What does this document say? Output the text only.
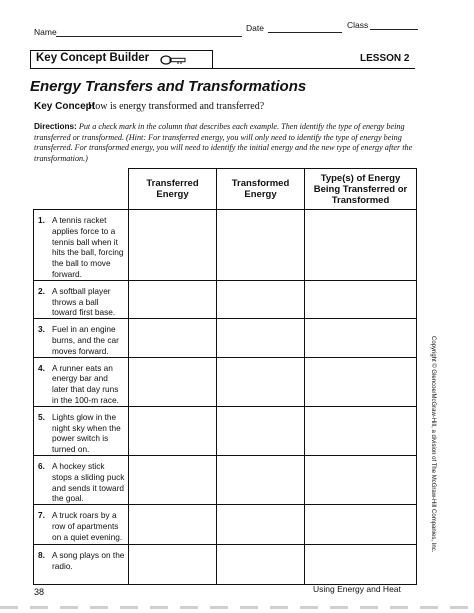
Name	Date	Class
Key Concept Builder	LESSON 2
Energy Transfers and Transformations
Key Concept
How is energy transformed and transferred?
Directions: Put a check mark in the column that describes each example. Then identify the type of energy being transferred or transformed. (Hint: For transferred energy, you will only need to identify the type of energy being transferred. For transformed energy, you will need to identify the initial energy and the new type of energy after the transformation.)
	Transferred Energy	Transformed Energy	Type(s) of Energy Being Transferred or Transformed

1. A tennis racket applies force to a tennis ball when it hits the ball, forcing the ball to move forward.			

2. A softball player throws a ball toward first base.			

3. Fuel in an engine burns, and the car moves forward.			

4. A runner eats an energy bar and later that day runs in the 100-m race.			

5. Lights glow in the night sky when the power switch is turned on.			

6. A hockey stick stops a sliding puck and sends it toward the goal.			

7. A truck roars by a row of apartments on a quiet evening.			

8. A song plays on the radio.			

Copyright © Glencoe/McGraw-Hill, a division of The McGraw-Hill Companies, Inc.
38	Using Energy and Heat
